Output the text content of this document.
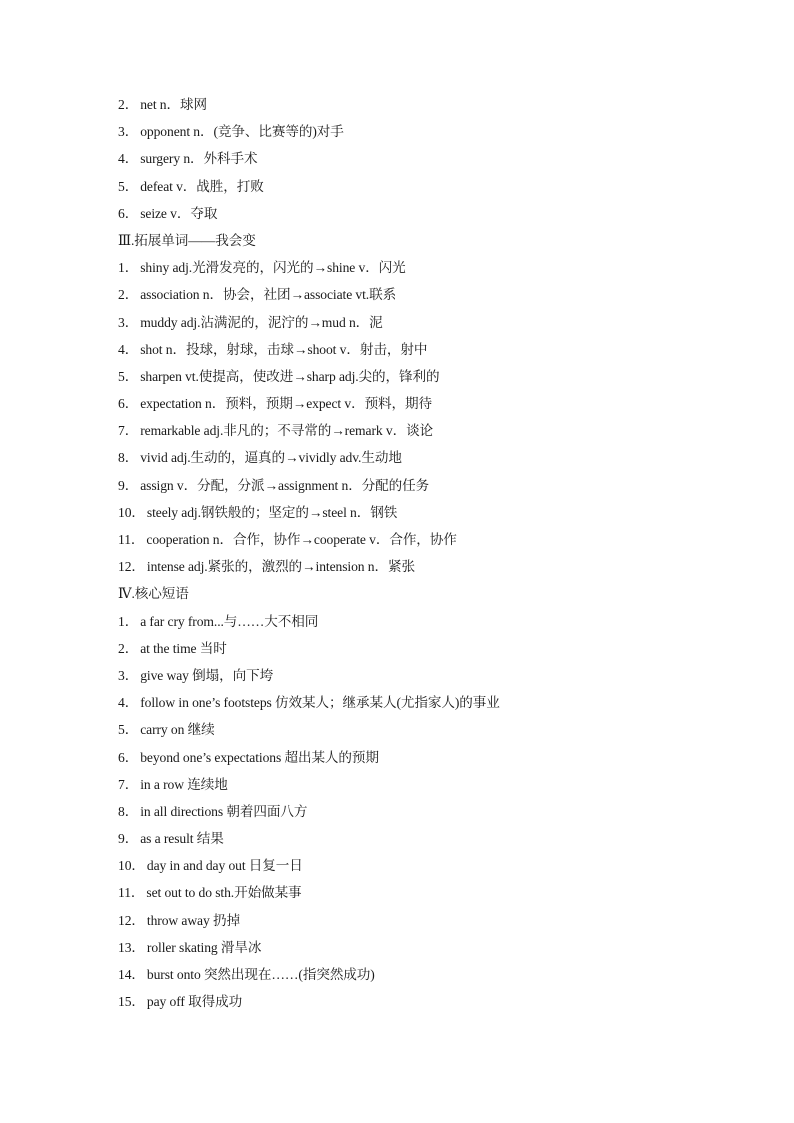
2． net n．球网
3． opponent n．(竞争、比赛等的)对手
4． surgery n．外科手术
5． defeat v．战胜，打败
6． seize v．夺取
Ⅲ.拓展单词——我会变
1． shiny adj.光滑发亮的，闪光的→shine v．闪光
2． association n．协会，社团→associate vt.联系
3． muddy adj.沾满泥的，泥泞的→mud n．泥
4． shot n．投球，射球，击球→shoot v．射击，射中
5． sharpen vt.使提高，使改进→sharp adj.尖的，锋利的
6． expectation n．预料，预期→expect v．预料，期待
7． remarkable adj.非凡的；不寻常的→remark v．谈论
8． vivid adj.生动的，逼真的→vividly adv.生动地
9． assign v．分配，分派→assignment n．分配的任务
10． steely adj.钢铁般的；坚定的→steel n．钢铁
11． cooperation n．合作，协作→cooperate v．合作，协作
12． intense adj.紧张的，激烈的→intension n．紧张
Ⅳ.核心短语
1． a far cry from...与……大不相同
2． at the time 当时
3． give way 倒塌，向下垮
4． follow in one’s footsteps 仿效某人；继承某人(尤指家人)的事业
5． carry on 继续
6． beyond one’s expectations 超出某人的预期
7． in a row 连续地
8． in all directions 朝着四面八方
9． as a result 结果
10． day in and day out 日复一日
11． set out to do sth.开始做某事
12． throw away 扔掉
13． roller skating 滑旱冰
14． burst onto 突然出现在……(指突然成功)
15． pay off 取得成功
